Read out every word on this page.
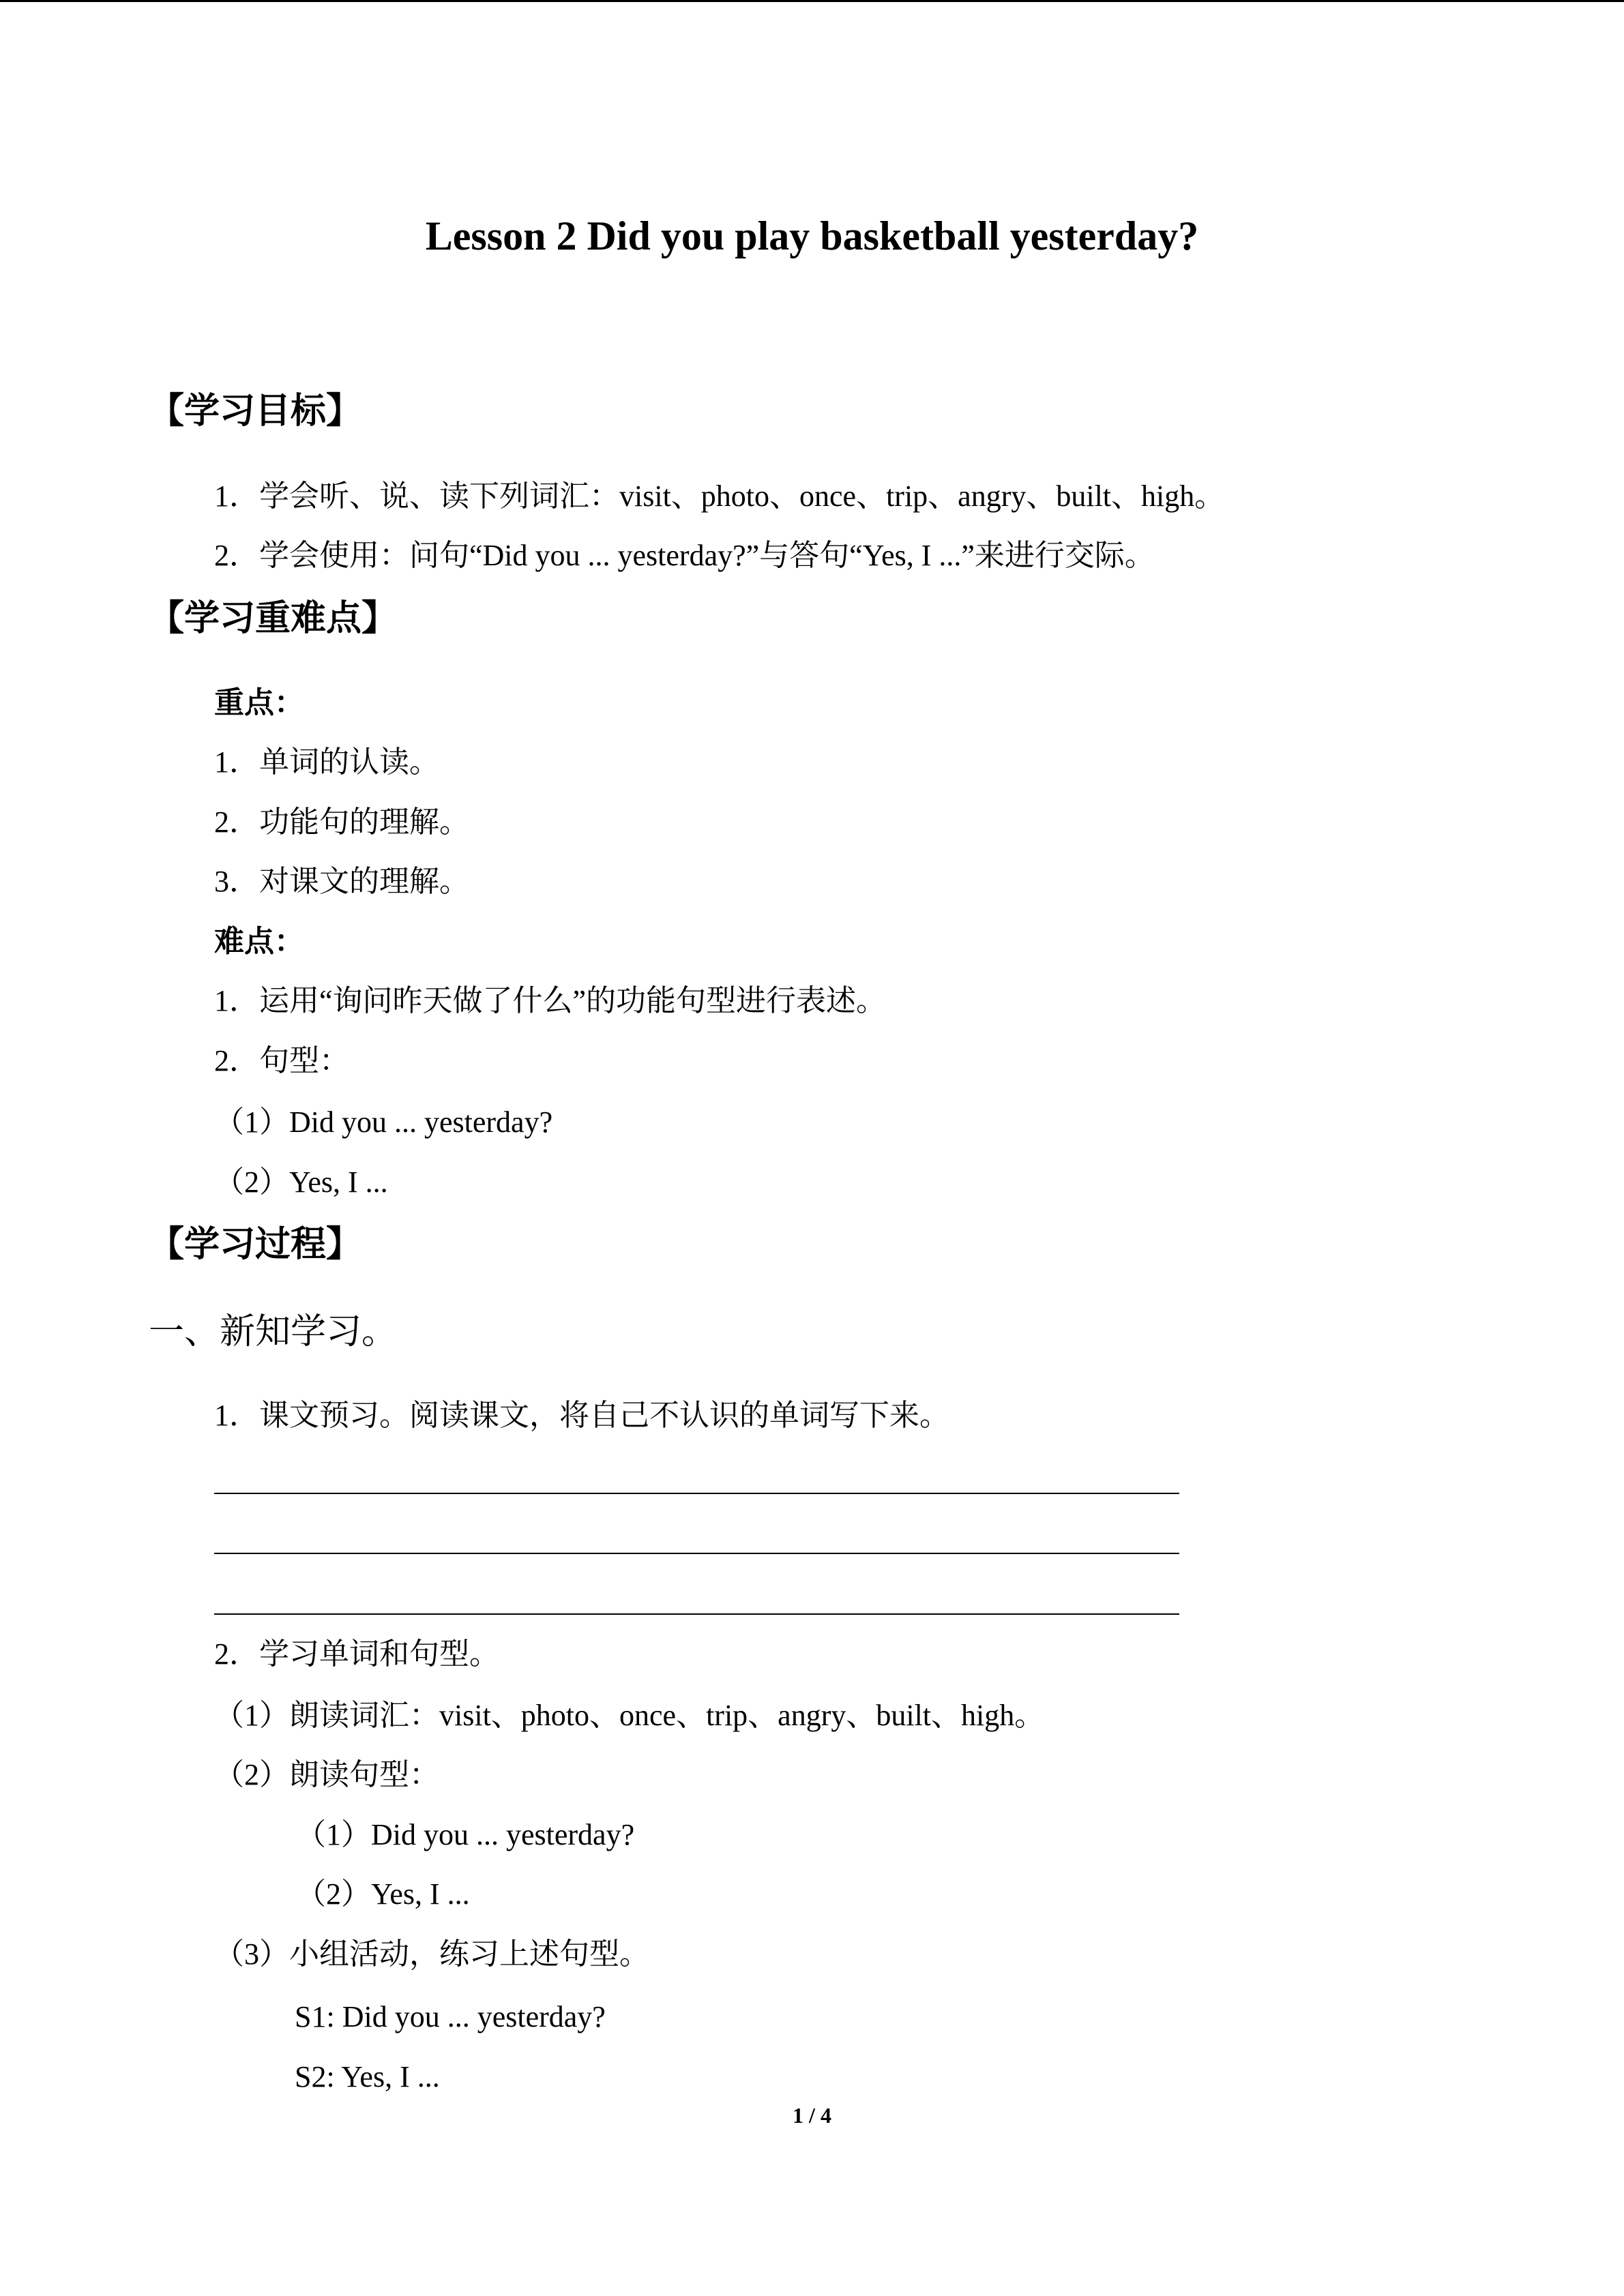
Lesson 2 Did you play basketball yesterday?
【学习目标】
1．学会听、说、读下列词汇：visit、photo、once、trip、angry、built、high。
2．学会使用：问句“Did you ... yesterday?”与答句“Yes, I ...”来进行交际。
【学习重难点】
重点：
1．单词的认读。
2．功能句的理解。
3．对课文的理解。
难点：
1．运用“询问昨天做了什么”的功能句型进行表述。
2．句型：
（1）Did you ... yesterday?
（2）Yes, I ...
【学习过程】
一、新知学习。
1．课文预习。阅读课文，将自己不认识的单词写下来。
2．学习单词和句型。
（1）朗读词汇：visit、photo、once、trip、angry、built、high。
（2）朗读句型：
（1）Did you ... yesterday?
（2）Yes, I ...
（3）小组活动，练习上述句型。
S1: Did you ... yesterday?
S2: Yes, I ...
1 / 4
